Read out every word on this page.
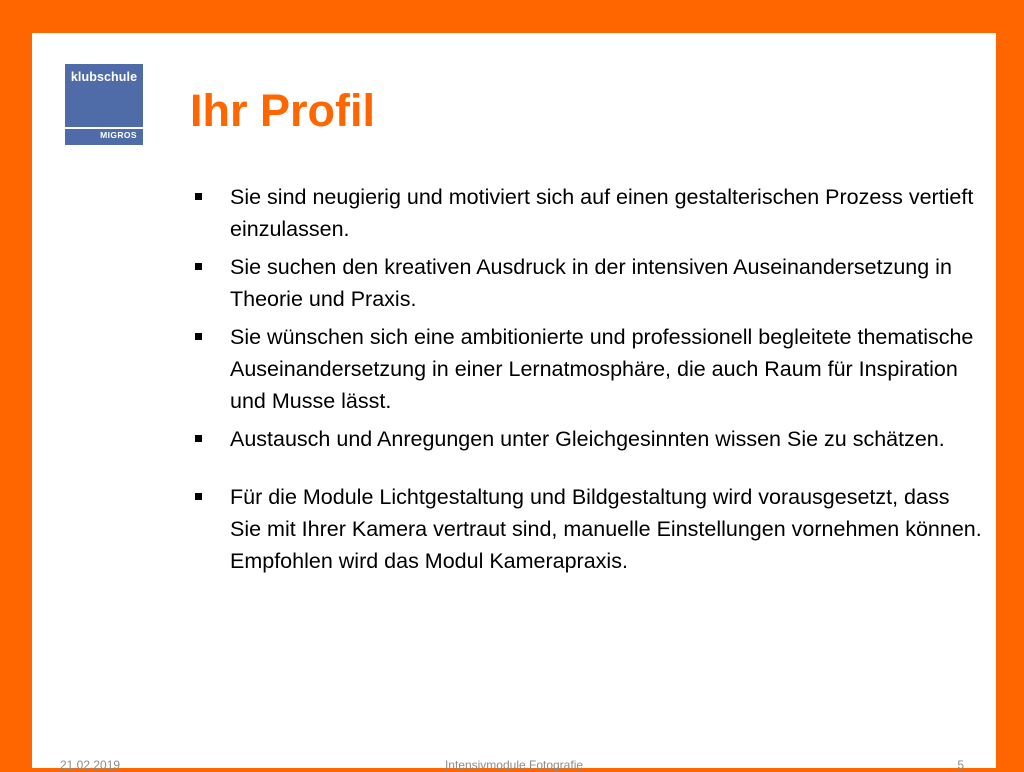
klubschule
MIGROS Ihr Profil
Sie sind neugierig und motiviert sich auf einen gestalterischen Prozess vertieft einzulassen.
Sie suchen den kreativen Ausdruck in der intensiven Auseinandersetzung in Theorie und Praxis.
Sie wünschen sich eine ambitionierte und professionell begleitete thematische Auseinandersetzung in einer Lernatmosphäre, die auch Raum für Inspiration und Musse lässt.
Austausch und Anregungen unter Gleichgesinnten wissen Sie zu schätzen.
Für die Module Lichtgestaltung und Bildgestaltung wird vorausgesetzt, dass Sie mit Ihrer Kamera vertraut sind, manuelle Einstellungen vornehmen können. Empfohlen wird das Modul Kamerapraxis.
21.02.2019	Intensivmodule Fotografie	5
